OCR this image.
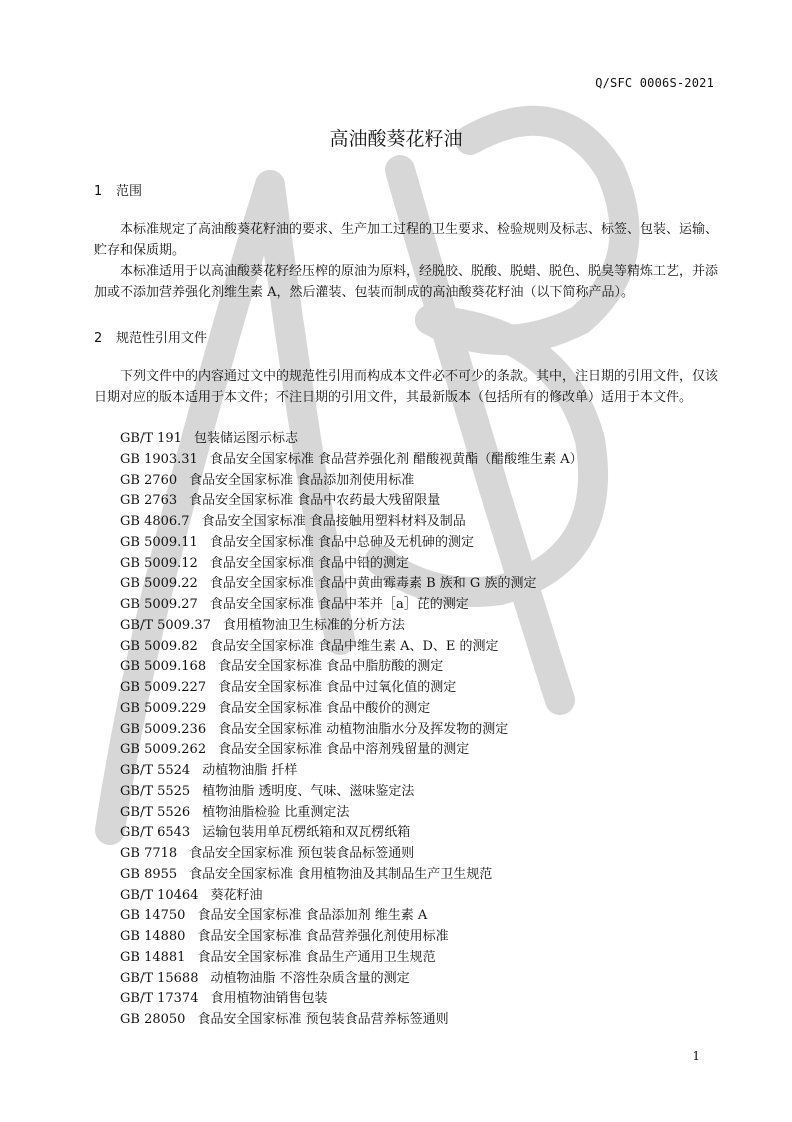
Q/SFC 0006S-2021
高油酸葵花籽油
1 范围

本标准规定了高油酸葵花籽油的要求、生产加工过程的卫生要求、检验规则及标志、标签、包装、运输、贮存和保质期。

本标准适用于以高油酸葵花籽经压榨的原油为原料，经脱胶、脱酸、脱蜡、脱色、脱臭等精炼工艺，并添加或不添加营养强化剂维生素 A，然后灌装、包装而制成的高油酸葵花籽油（以下简称产品）。

2 规范性引用文件

下列文件中的内容通过文中的规范性引用而构成本文件必不可少的条款。其中，注日期的引用文件，仅该日期对应的版本适用于本文件；不注日期的引用文件，其最新版本（包括所有的修改单）适用于本文件。

GB/T 191 包装储运图示标志
GB 1903.31 食品安全国家标准 食品营养强化剂 醋酸视黄酯（醋酸维生素 A）
GB 2760 食品安全国家标准 食品添加剂使用标准
GB 2763 食品安全国家标准 食品中农药最大残留限量
GB 4806.7 食品安全国家标准 食品接触用塑料材料及制品
GB 5009.11 食品安全国家标准 食品中总砷及无机砷的测定
GB 5009.12 食品安全国家标准 食品中铅的测定
GB 5009.22 食品安全国家标准 食品中黄曲霉毒素 B 族和 G 族的测定
GB 5009.27 食品安全国家标准 食品中苯并［a］芘的测定
GB/T 5009.37 食用植物油卫生标准的分析方法
GB 5009.82 食品安全国家标准 食品中维生素 A、D、E 的测定
GB 5009.168 食品安全国家标准 食品中脂肪酸的测定
GB 5009.227 食品安全国家标准 食品中过氧化值的测定
GB 5009.229 食品安全国家标准 食品中酸价的测定
GB 5009.236 食品安全国家标准 动植物油脂水分及挥发物的测定
GB 5009.262 食品安全国家标准 食品中溶剂残留量的测定
GB/T 5524 动植物油脂 扦样
GB/T 5525 植物油脂 透明度、气味、滋味鉴定法
GB/T 5526 植物油脂检验 比重测定法
GB/T 6543 运输包装用单瓦楞纸箱和双瓦楞纸箱
GB 7718 食品安全国家标准 预包装食品标签通则
GB 8955 食品安全国家标准 食用植物油及其制品生产卫生规范
GB/T 10464 葵花籽油
GB 14750 食品安全国家标准 食品添加剂 维生素 A
GB 14880 食品安全国家标准 食品营养强化剂使用标准
GB 14881 食品安全国家标准 食品生产通用卫生规范
GB/T 15688 动植物油脂 不溶性杂质含量的测定
GB/T 17374 食用植物油销售包装
GB 28050 食品安全国家标准 预包装食品营养标签通则
1
